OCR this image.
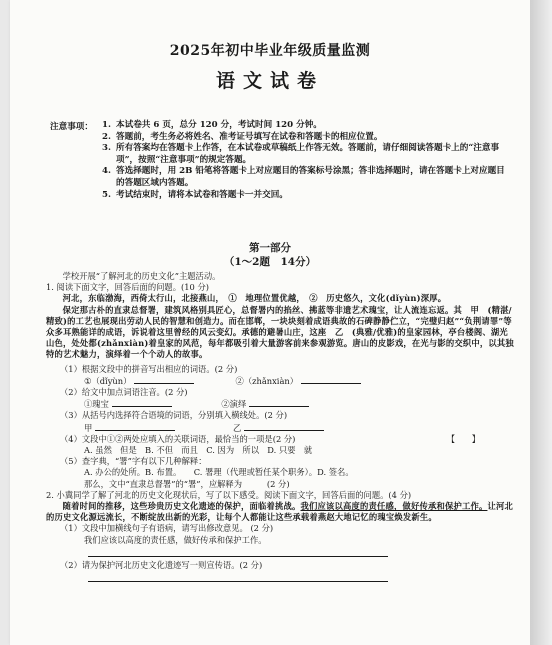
2025年初中毕业年级质量监测
语文试卷
注意事项： 1. 本试卷共 6 页，总分 120 分，考试时间 120 分钟。
2. 答题前，考生务必将姓名、准考证号填写在试卷和答题卡的相应位置。
3. 所有答案均在答题卡上作答，在本试卷或草稿纸上作答无效。答题前，请仔细阅读答题卡上的“注意事项”，按照“注意事项”的规定答题。
4. 答选择题时，用 2B 铅笔将答题卡上对应题目的答案标号涂黑；答非选择题时，请在答题卡上对应题目的答题区域内答题。
5. 考试结束时，请将本试卷和答题卡一并交回。
第一部分
（1～2题　14分）

学校开展“了解河北的历史文化”主题活动。

1. 阅读下面文字，回答后面的问题。(10 分)

河北，东临渤海，西倚太行山，北接燕山，　①　地理位置优越，　②　历史悠久，文化(dǐyùn)深厚。

保定那古朴的直隶总督署，建筑风格别具匠心，总督署内的掐丝、拂蓝等非遗艺术瑰宝，让人流连忘返。其　甲　(精湛/精致)的工艺也展现出劳动人民的智慧和创造力。而在邯郸，一块块刻着成语典故的石碑静静伫立，“完璧归赵”“负荆请罪”等众多耳熟能详的成语，诉说着这里曾经的风云变幻。承德的避暑山庄，这座　乙　(典雅/优雅)的皇家园林，亭台楼阁、湖光山色，处处都(zhǎnxiàn)着皇家的风范，每年都吸引着大量游客前来参观游览。唐山的皮影戏，在光与影的交织中，以其独特的艺术魅力，演绎着一个个动人的故事。

（1）根据文段中的拼音写出相应的词语。(2 分)

①（dǐyùn） 　　　　　	②（zhǎnxiàn）

（2）给文中加点词语注音。(2 分)

①瑰宝 　　　　　　	②演绎

（3）从括号内选择符合语境的词语，分别填入横线处。(2 分)

甲 　　　　　　　	乙

（4）文段中①②两处应填入的关联词语，最恰当的一项是(2 分)	【　　】

A. 虽然　但是　B. 不但　而且　C. 因为　所以　D. 只要　就

（5）查字典，“署”字有以下几种解释：

A. 办公的处所。B. 布置。　　C. 署理（代理或暂任某个职务）。D. 签名。

那么，文中“直隶总督署”的“署”，应解释为　　　(2 分)

2. 小冀同学了解了河北的历史文化现状后，写了以下感受。阅读下面文字，回答后面的问题。(4 分)

随着时间的推移，这些珍贵历史文化遗迹的保护，面临着挑战。我们应该以高度的责任感，做好传承和保护工作。让河北的历史文化源远流长，不断绽放出新的光彩，让每个人都能让这些承载着燕赵大地记忆的瑰宝焕发新生。

（1）文段中加横线句子有语病，请写出修改意见。 (2 分)

我们应该以高度的责任感，做好传承和保护工作。

（2）请为保护河北历史文化遗迹写一则宣传语。(2 分)
